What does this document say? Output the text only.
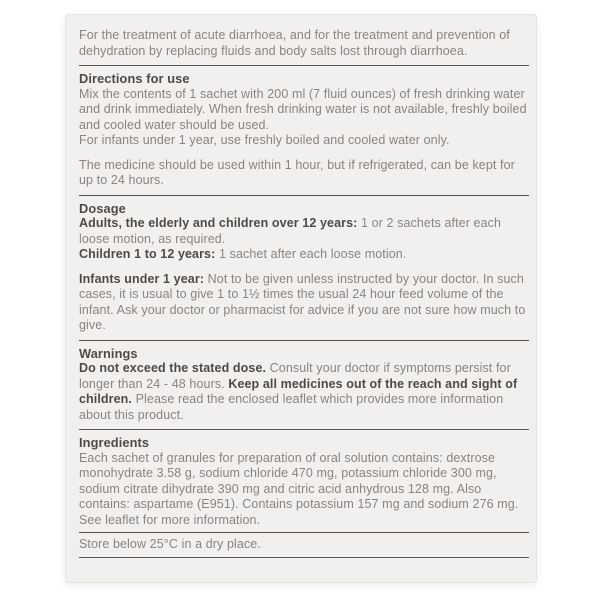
For the treatment of acute diarrhoea, and for the treatment and prevention of dehydration by replacing fluids and body salts lost through diarrhoea.

Directions for use

Mix the contents of 1 sachet with 200 ml (7 fluid ounces) of fresh drinking water and drink immediately. When fresh drinking water is not available, freshly boiled and cooled water should be used.

For infants under 1 year, use freshly boiled and cooled water only.

The medicine should be used within 1 hour, but if refrigerated, can be kept for up to 24 hours.

Dosage

Adults, the elderly and children over 12 years: 1 or 2 sachets after each loose motion, as required.

Children 1 to 12 years: 1 sachet after each loose motion.

Infants under 1 year: Not to be given unless instructed by your doctor. In such cases, it is usual to give 1 to 1½ times the usual 24 hour feed volume of the infant. Ask your doctor or pharmacist for advice if you are not sure how much to give.

Warnings

Do not exceed the stated dose. Consult your doctor if symptoms persist for longer than 24 - 48 hours. Keep all medicines out of the reach and sight of children. Please read the enclosed leaflet which provides more information about this product.

Ingredients

Each sachet of granules for preparation of oral solution contains: dextrose monohydrate 3.58 g, sodium chloride 470 mg, potassium chloride 300 mg, sodium citrate dihydrate 390 mg and citric acid anhydrous 128 mg. Also contains: aspartame (E951). Contains potassium 157 mg and sodium 276 mg. See leaflet for more information.

Store below 25°C in a dry place.
